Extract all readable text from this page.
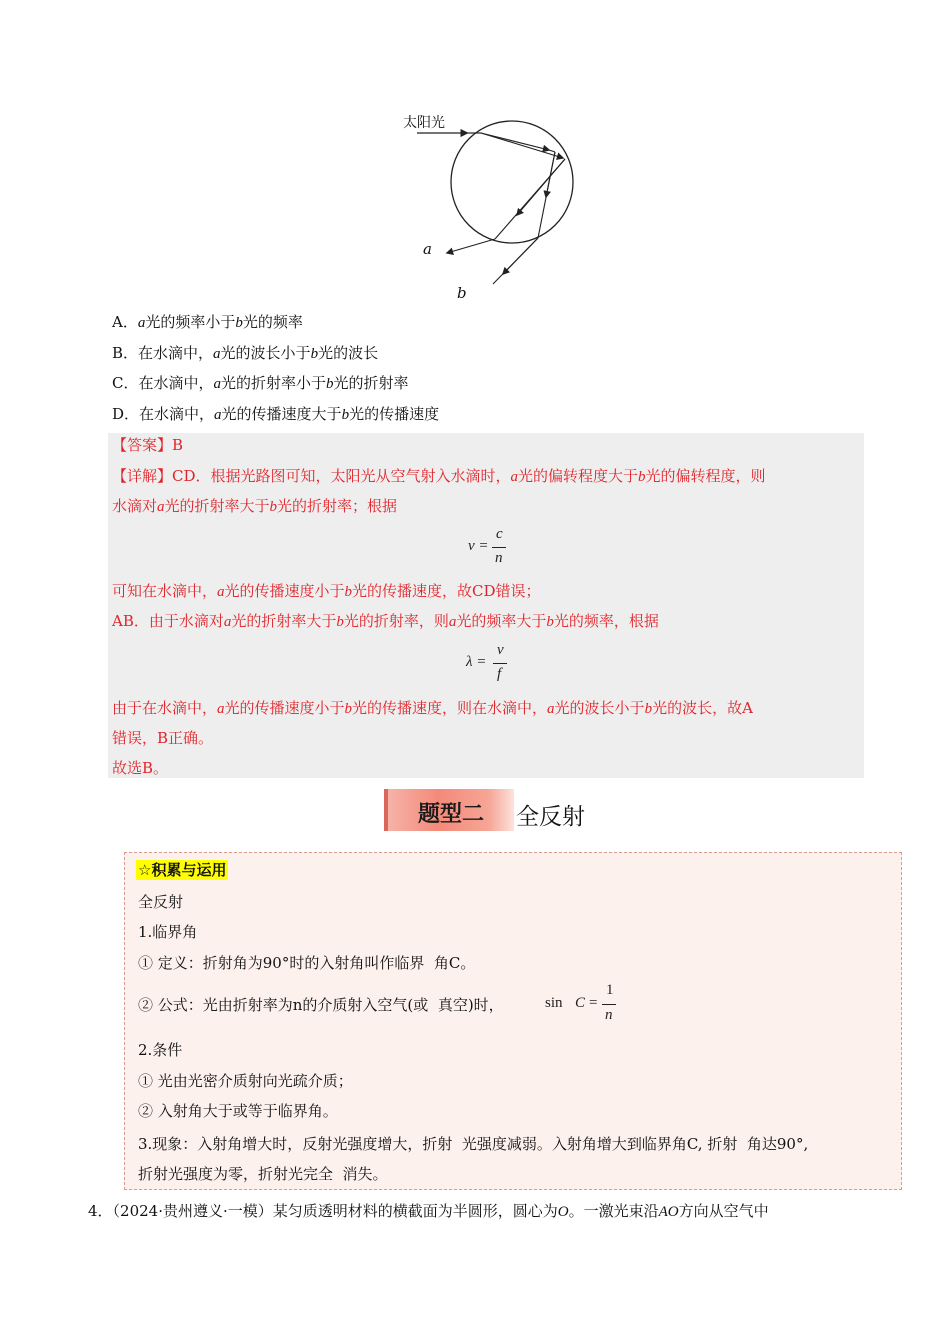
太阳光
a
b
A．a光的频率小于b光的频率
B．在水滴中，a光的波长小于b光的波长
C．在水滴中，a光的折射率小于b光的折射率
D．在水滴中，a光的传播速度大于b光的传播速度
【答案】B
【详解】CD．根据光路图可知，太阳光从空气射入水滴时，a光的偏转程度大于b光的偏转程度，则
水滴对a光的折射率大于b光的折射率；根据
v =
c
n
可知在水滴中，a光的传播速度小于b光的传播速度，故CD错误；
AB．由于水滴对a光的折射率大于b光的折射率，则a光的频率大于b光的频率，根据
λ =
v
f
由于在水滴中，a光的传播速度小于b光的传播速度，则在水滴中，a光的波长小于b光的波长，故A
错误，B正确。
故选B。
题型二	全反射
☆积累与运用
全反射
1.临界角
① 定义：折射角为90°时的入射角叫作临界  角C。
② 公式：光由折射率为n的介质射入空气(或  真空)时，	sin C =
1
n
2.条件
① 光由光密介质射向光疏介质；
② 入射角大于或等于临界角。
3.现象：入射角增大时，反射光强度增大，折射  光强度减弱。入射角增大到临界角C, 折射  角达90°,
折射光强度为零，折射光完全  消失。
4．（2024·贵州遵义·一模）某匀质透明材料的横截面为半圆形，圆心为O。一激光束沿AO方向从空气中
